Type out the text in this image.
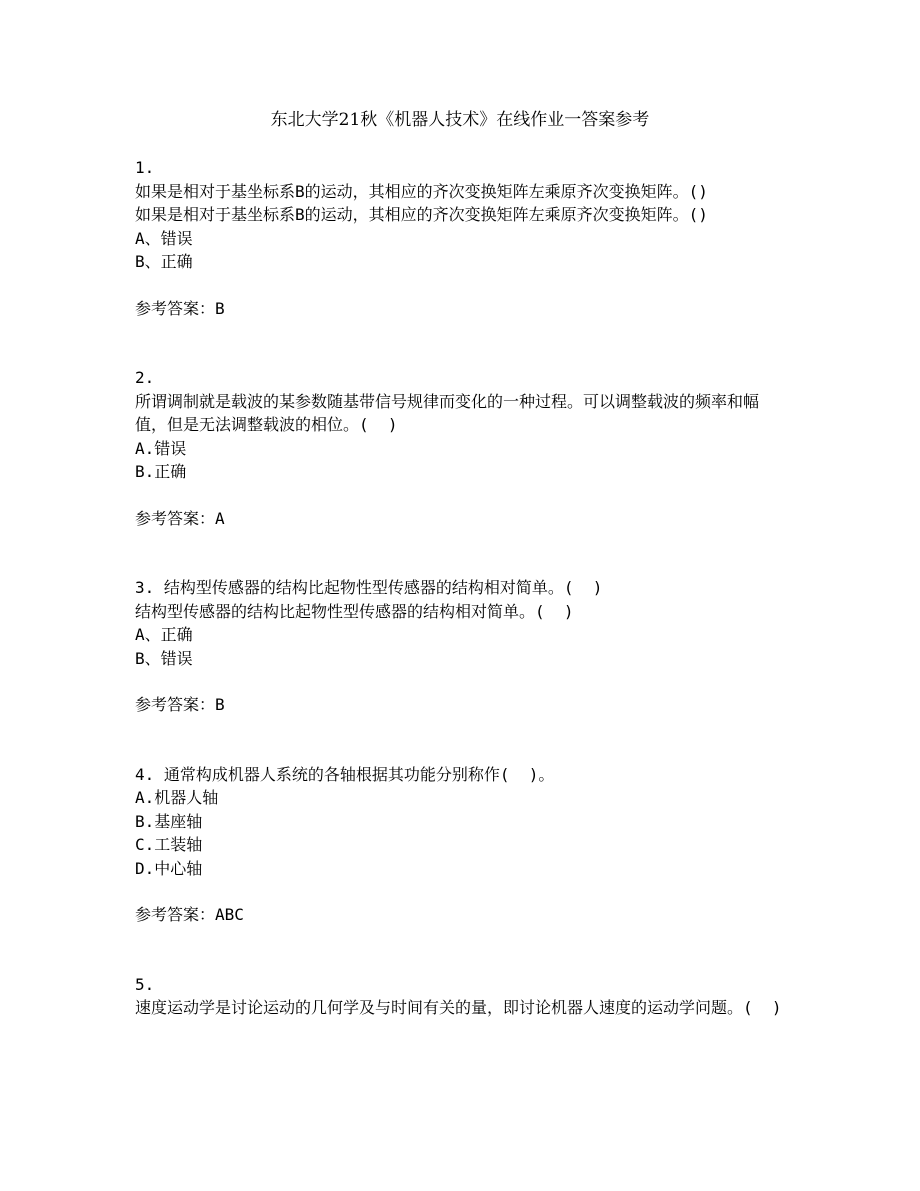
东北大学21秋《机器人技术》在线作业一答案参考

1.

如果是相对于基坐标系B的运动，其相应的齐次变换矩阵左乘原齐次变换矩阵。()

如果是相对于基坐标系B的运动，其相应的齐次变换矩阵左乘原齐次变换矩阵。()

A、错误

B、正确

参考答案：B

2.

所谓调制就是载波的某参数随基带信号规律而变化的一种过程。可以调整载波的频率和幅值，但是无法调整载波的相位。(  )

A.错误

B.正确

参考答案：A

3. 结构型传感器的结构比起物性型传感器的结构相对简单。(  )

结构型传感器的结构比起物性型传感器的结构相对简单。(  )

A、正确

B、错误

参考答案：B

4. 通常构成机器人系统的各轴根据其功能分别称作(  )。

A.机器人轴

B.基座轴

C.工装轴

D.中心轴

参考答案：ABC

5.

速度运动学是讨论运动的几何学及与时间有关的量，即讨论机器人速度的运动学问题。(  )
